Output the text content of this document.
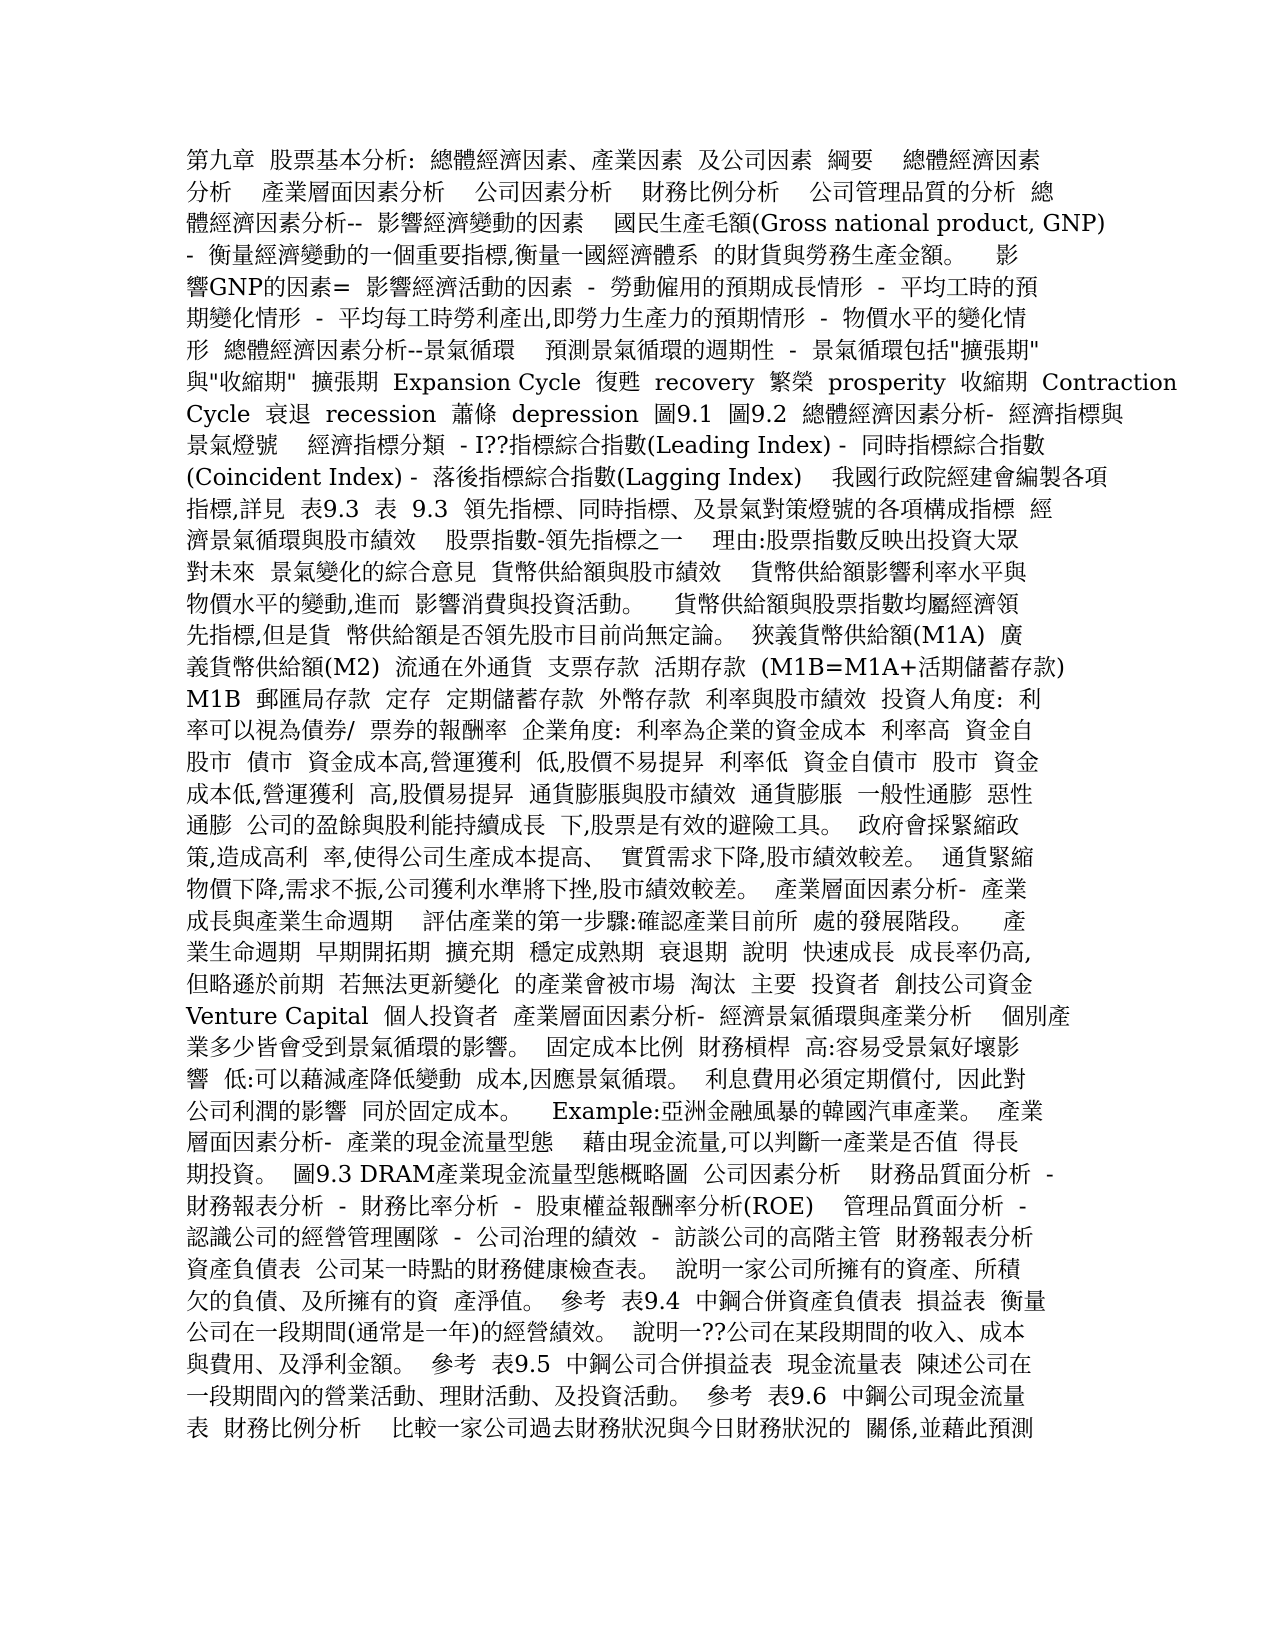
第九章  股票基本分析:  總體經濟因素、產業因素  及公司因素  綱要    總體經濟因素
分析    產業層面因素分析    公司因素分析    財務比例分析    公司管理品質的分析  總
體經濟因素分析--  影響經濟變動的因素    國民生產毛額(Gross national product, GNP)
-  衡量經濟變動的一個重要指標,衡量一國經濟體系  的財貨與勞務生產金額。    影
響GNP的因素=  影響經濟活動的因素  -  勞動僱用的預期成長情形  -  平均工時的預
期變化情形  -  平均每工時勞利產出,即勞力生產力的預期情形  -  物價水平的變化情
形  總體經濟因素分析--景氣循環    預測景氣循環的週期性  -  景氣循環包括"擴張期"
與"收縮期"  擴張期  Expansion Cycle  復甦  recovery  繁榮  prosperity  收縮期  Contraction
Cycle  衰退  recession  蕭條  depression  圖9.1  圖9.2  總體經濟因素分析-  經濟指標與
景氣燈號    經濟指標分類  - I??指標綜合指數(Leading Index) -  同時指標綜合指數
(Coincident Index) -  落後指標綜合指數(Lagging Index)    我國行政院經建會編製各項
指標,詳見  表9.3  表  9.3  領先指標、同時指標、及景氣對策燈號的各項構成指標  經
濟景氣循環與股市績效    股票指數-領先指標之一    理由:股票指數反映出投資大眾
對未來  景氣變化的綜合意見  貨幣供給額與股市績效    貨幣供給額影響利率水平與
物價水平的變動,進而  影響消費與投資活動。    貨幣供給額與股票指數均屬經濟領
先指標,但是貨  幣供給額是否領先股市目前尚無定論。  狹義貨幣供給額(M1A)  廣
義貨幣供給額(M2)  流通在外通貨  支票存款  活期存款  (M1B=M1A+活期儲蓄存款)
M1B  郵匯局存款  定存  定期儲蓄存款  外幣存款  利率與股市績效  投資人角度:  利
率可以視為債券/  票券的報酬率  企業角度:  利率為企業的資金成本  利率高  資金自
股市  債市  資金成本高,營運獲利  低,股價不易提昇  利率低  資金自債市  股市  資金
成本低,營運獲利  高,股價易提昇  通貨膨脹與股市績效  通貨膨脹  一般性通膨  惡性
通膨  公司的盈餘與股利能持續成長  下,股票是有效的避險工具。  政府會採緊縮政
策,造成高利  率,使得公司生產成本提高、  實質需求下降,股市績效較差。  通貨緊縮
物價下降,需求不振,公司獲利水準將下挫,股市績效較差。  產業層面因素分析-  產業
成長與產業生命週期    評估產業的第一步驟:確認產業目前所  處的發展階段。    產
業生命週期  早期開拓期  擴充期  穩定成熟期  衰退期  說明  快速成長  成長率仍高,
但略遜於前期  若無法更新變化  的產業會被市場  淘汰  主要  投資者  創技公司資金
Venture Capital  個人投資者  產業層面因素分析-  經濟景氣循環與產業分析    個別產
業多少皆會受到景氣循環的影響。  固定成本比例  財務槓桿  高:容易受景氣好壞影
響  低:可以藉減產降低變動  成本,因應景氣循環。  利息費用必須定期償付,  因此對
公司利潤的影響  同於固定成本。    Example:亞洲金融風暴的韓國汽車產業。  產業
層面因素分析-  產業的現金流量型態    藉由現金流量,可以判斷一產業是否值  得長
期投資。  圖9.3 DRAM產業現金流量型態概略圖  公司因素分析    財務品質面分析  -
財務報表分析  -  財務比率分析  -  股東權益報酬率分析(ROE)    管理品質面分析  -
認識公司的經營管理團隊  -  公司治理的績效  -  訪談公司的高階主管  財務報表分析
資產負債表  公司某一時點的財務健康檢查表。  說明一家公司所擁有的資產、所積
欠的負債、及所擁有的資  產淨值。  參考  表9.4  中鋼合併資產負債表  損益表  衡量
公司在一段期間(通常是一年)的經營績效。  說明一??公司在某段期間的收入、成本
與費用、及淨利金額。  參考  表9.5  中鋼公司合併損益表  現金流量表  陳述公司在
一段期間內的營業活動、理財活動、及投資活動。  參考  表9.6  中鋼公司現金流量
表  財務比例分析    比較一家公司過去財務狀況與今日財務狀況的  關係,並藉此預測
